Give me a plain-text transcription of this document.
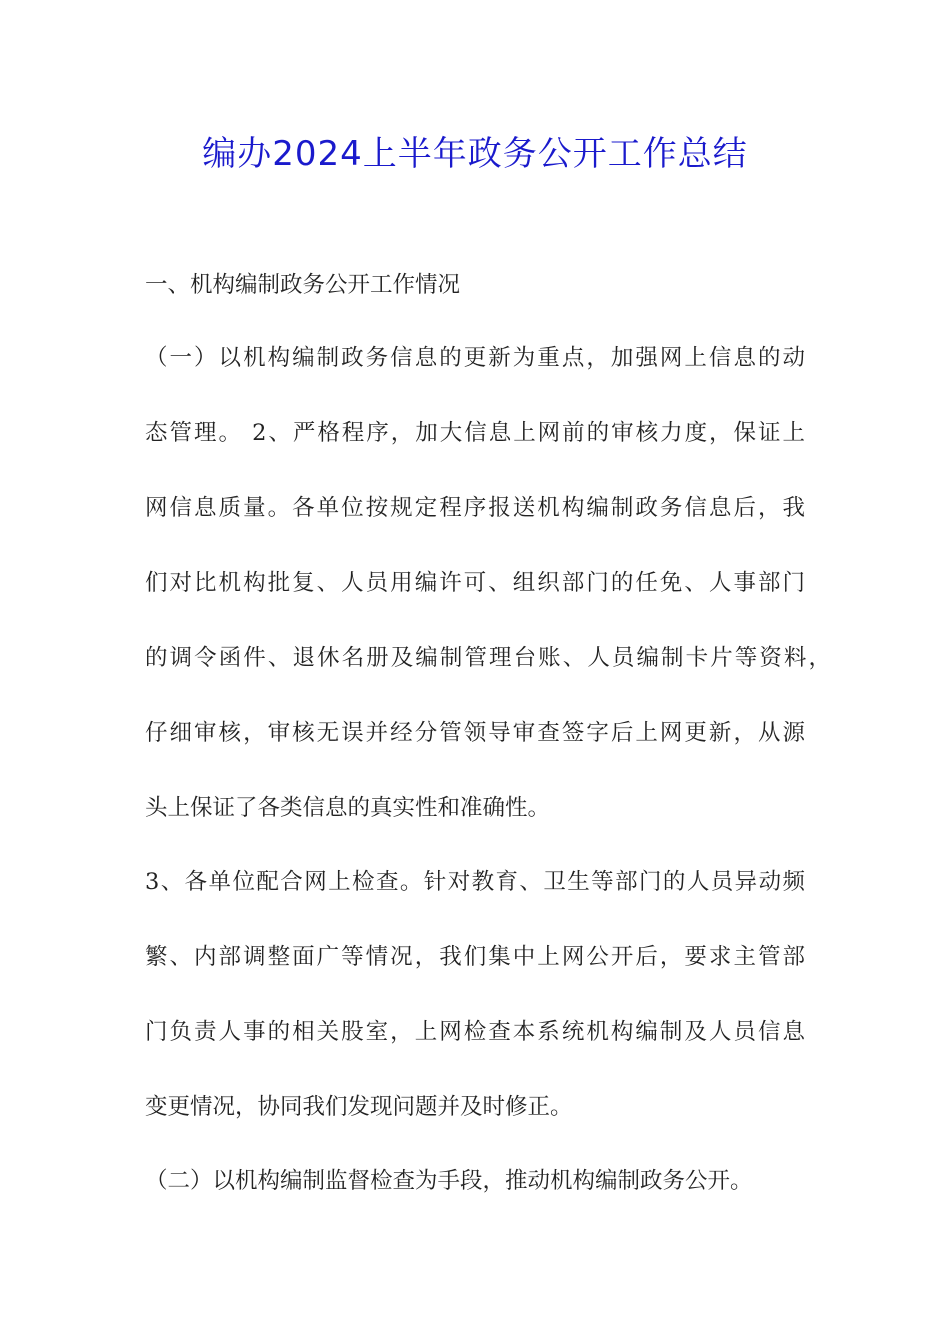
编办2024上半年政务公开工作总结
一、机构编制政务公开工作情况
（一）以机构编制政务信息的更新为重点，加强网上信息的动
态管理。 2、严格程序，加大信息上网前的审核力度，保证上
网信息质量。各单位按规定程序报送机构编制政务信息后，我
们对比机构批复、人员用编许可、组织部门的任免、人事部门
的调令函件、退休名册及编制管理台账、人员编制卡片等资料，
仔细审核，审核无误并经分管领导审查签字后上网更新，从源
头上保证了各类信息的真实性和准确性。
3、各单位配合网上检查。针对教育、卫生等部门的人员异动频
繁、内部调整面广等情况，我们集中上网公开后，要求主管部
门负责人事的相关股室，上网检查本系统机构编制及人员信息
变更情况，协同我们发现问题并及时修正。
（二）以机构编制监督检查为手段，推动机构编制政务公开。
